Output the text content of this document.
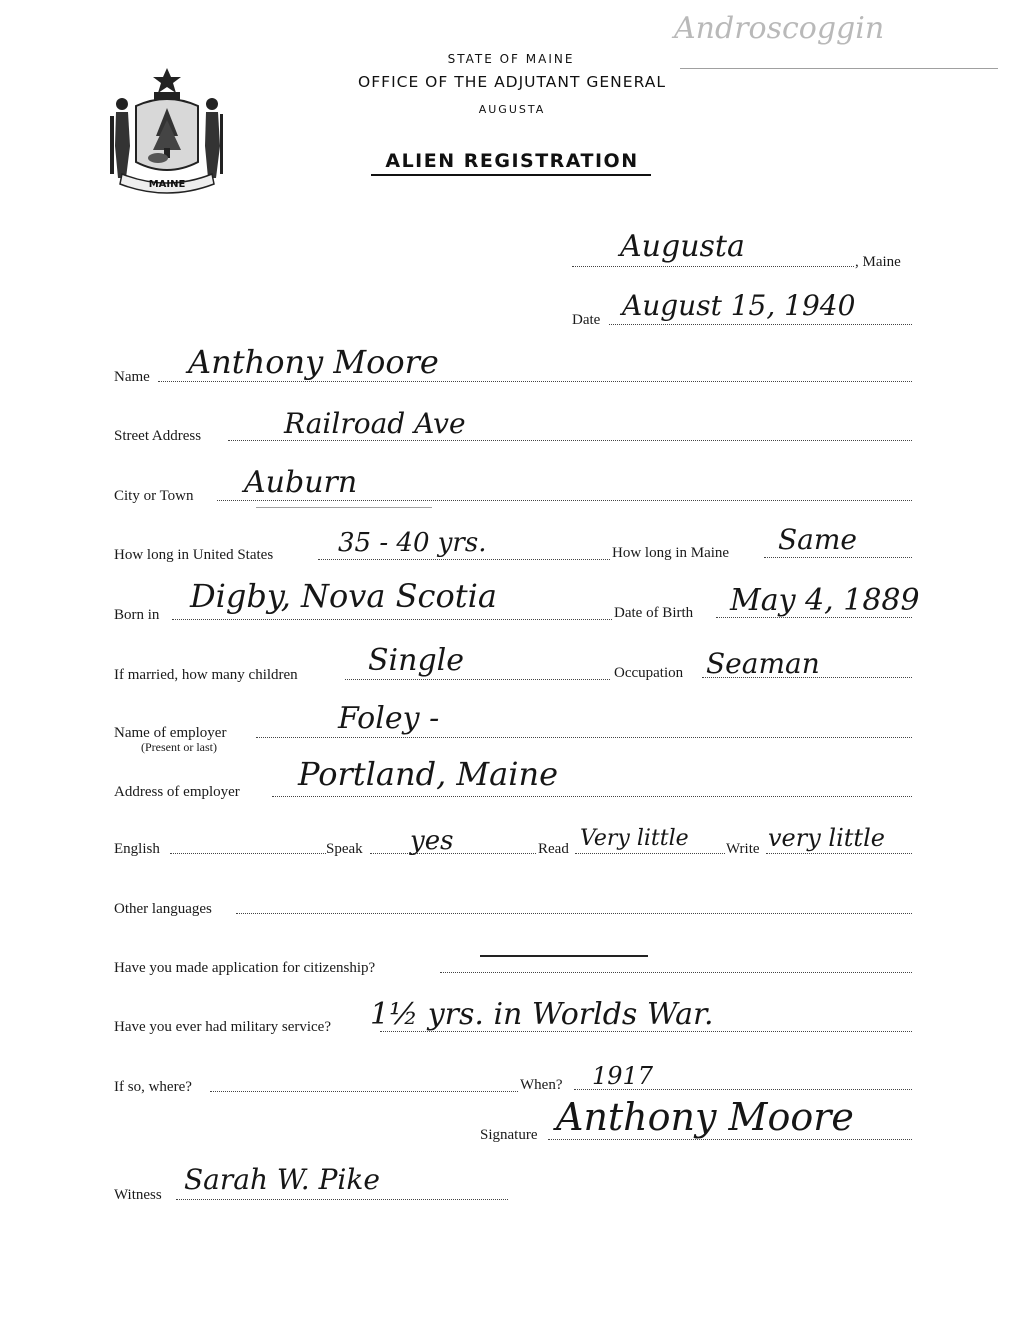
MAINE
STATE OF MAINE
OFFICE OF THE ADJUTANT GENERAL
AUGUSTA
ALIEN REGISTRATION
Androscoggin
Augusta	, Maine
Date August 15, 1940
Name Anthony Moore
Street Address	Railroad Ave
City or Town Auburn
How long in United States 35 - 40 yrs.	How long in Maine Same
Born in Digby, Nova Scotia	Date of Birth May 4, 1889
If married, how many children Single	Occupation Seaman
Name of employer
(Present or last)
Foley -
Address of employer Portland, Maine
English	Speak yes	Read Very little Write very little
Other languages
Have you made application for citizenship?
Have you ever had military service? 1½ yrs. in Worlds War.
If so, where?	When? 1917
Signature Anthony Moore
Witness Sarah W. Pike
